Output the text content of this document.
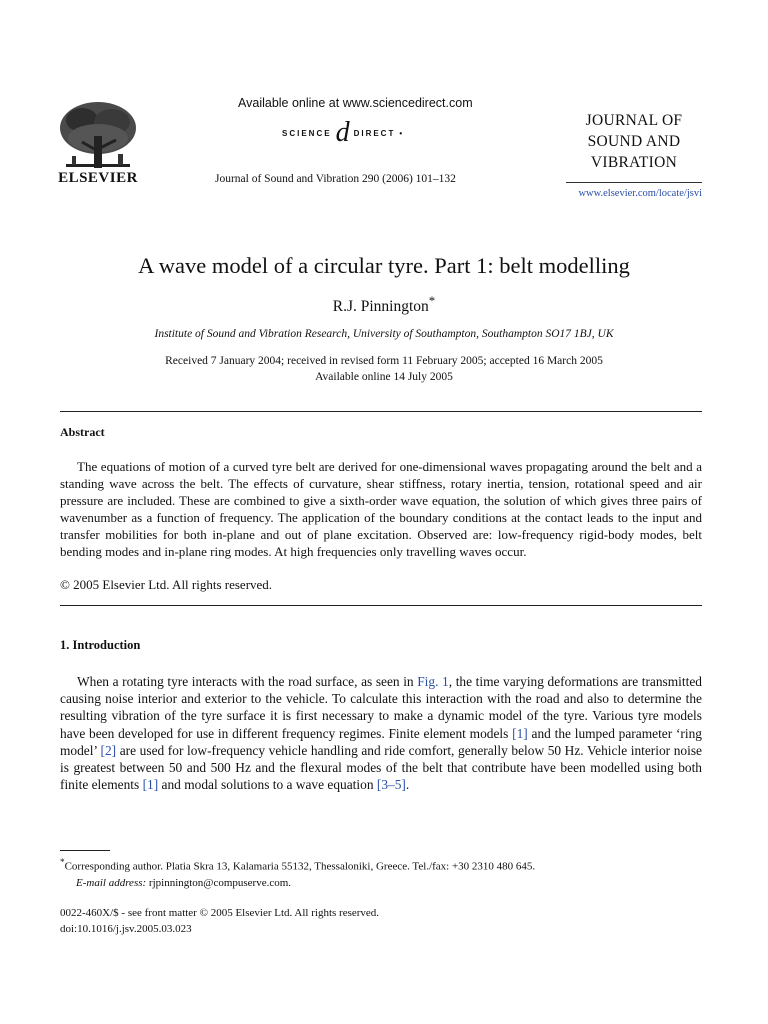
ELSEVIER
Available online at www.sciencedirect.com
SCIENCE d DIRECT •
Journal of Sound and Vibration 290 (2006) 101–132
JOURNAL OF
SOUND AND
VIBRATION
www.elsevier.com/locate/jsvi
A wave model of a circular tyre. Part 1: belt modelling
R.J. Pinnington*
Institute of Sound and Vibration Research, University of Southampton, Southampton SO17 1BJ, UK
Received 7 January 2004; received in revised form 11 February 2005; accepted 16 March 2005
Available online 14 July 2005
Abstract
The equations of motion of a curved tyre belt are derived for one-dimensional waves propagating around the belt and a standing wave across the belt. The effects of curvature, shear stiffness, rotary inertia, tension, rotational speed and air pressure are included. These are combined to give a sixth-order wave equation, the solution of which gives three pairs of wavenumber as a function of frequency. The application of the boundary conditions at the contact leads to the input and transfer mobilities for both in-plane and out of plane excitation. Observed are: low-frequency rigid-body modes, belt bending modes and in-plane ring modes. At high frequencies only travelling waves occur.
© 2005 Elsevier Ltd. All rights reserved.
1. Introduction
When a rotating tyre interacts with the road surface, as seen in Fig. 1, the time varying deformations are transmitted causing noise interior and exterior to the vehicle. To calculate this interaction with the road and also to determine the resulting vibration of the tyre surface it is first necessary to make a dynamic model of the tyre. Various tyre models have been developed for use in different frequency regimes. Finite element models [1] and the lumped parameter ‘ring model’ [2] are used for low-frequency vehicle handling and ride comfort, generally below 50 Hz. Vehicle interior noise is greatest between 50 and 500 Hz and the flexural modes of the belt that contribute have been modelled using both finite elements [1] and modal solutions to a wave equation [3–5].
*Corresponding author. Platia Skra 13, Kalamaria 55132, Thessaloniki, Greece. Tel./fax: +30 2310 480 645.
E-mail address: rjpinnington@compuserve.com.
0022-460X/$ - see front matter © 2005 Elsevier Ltd. All rights reserved.
doi:10.1016/j.jsv.2005.03.023
